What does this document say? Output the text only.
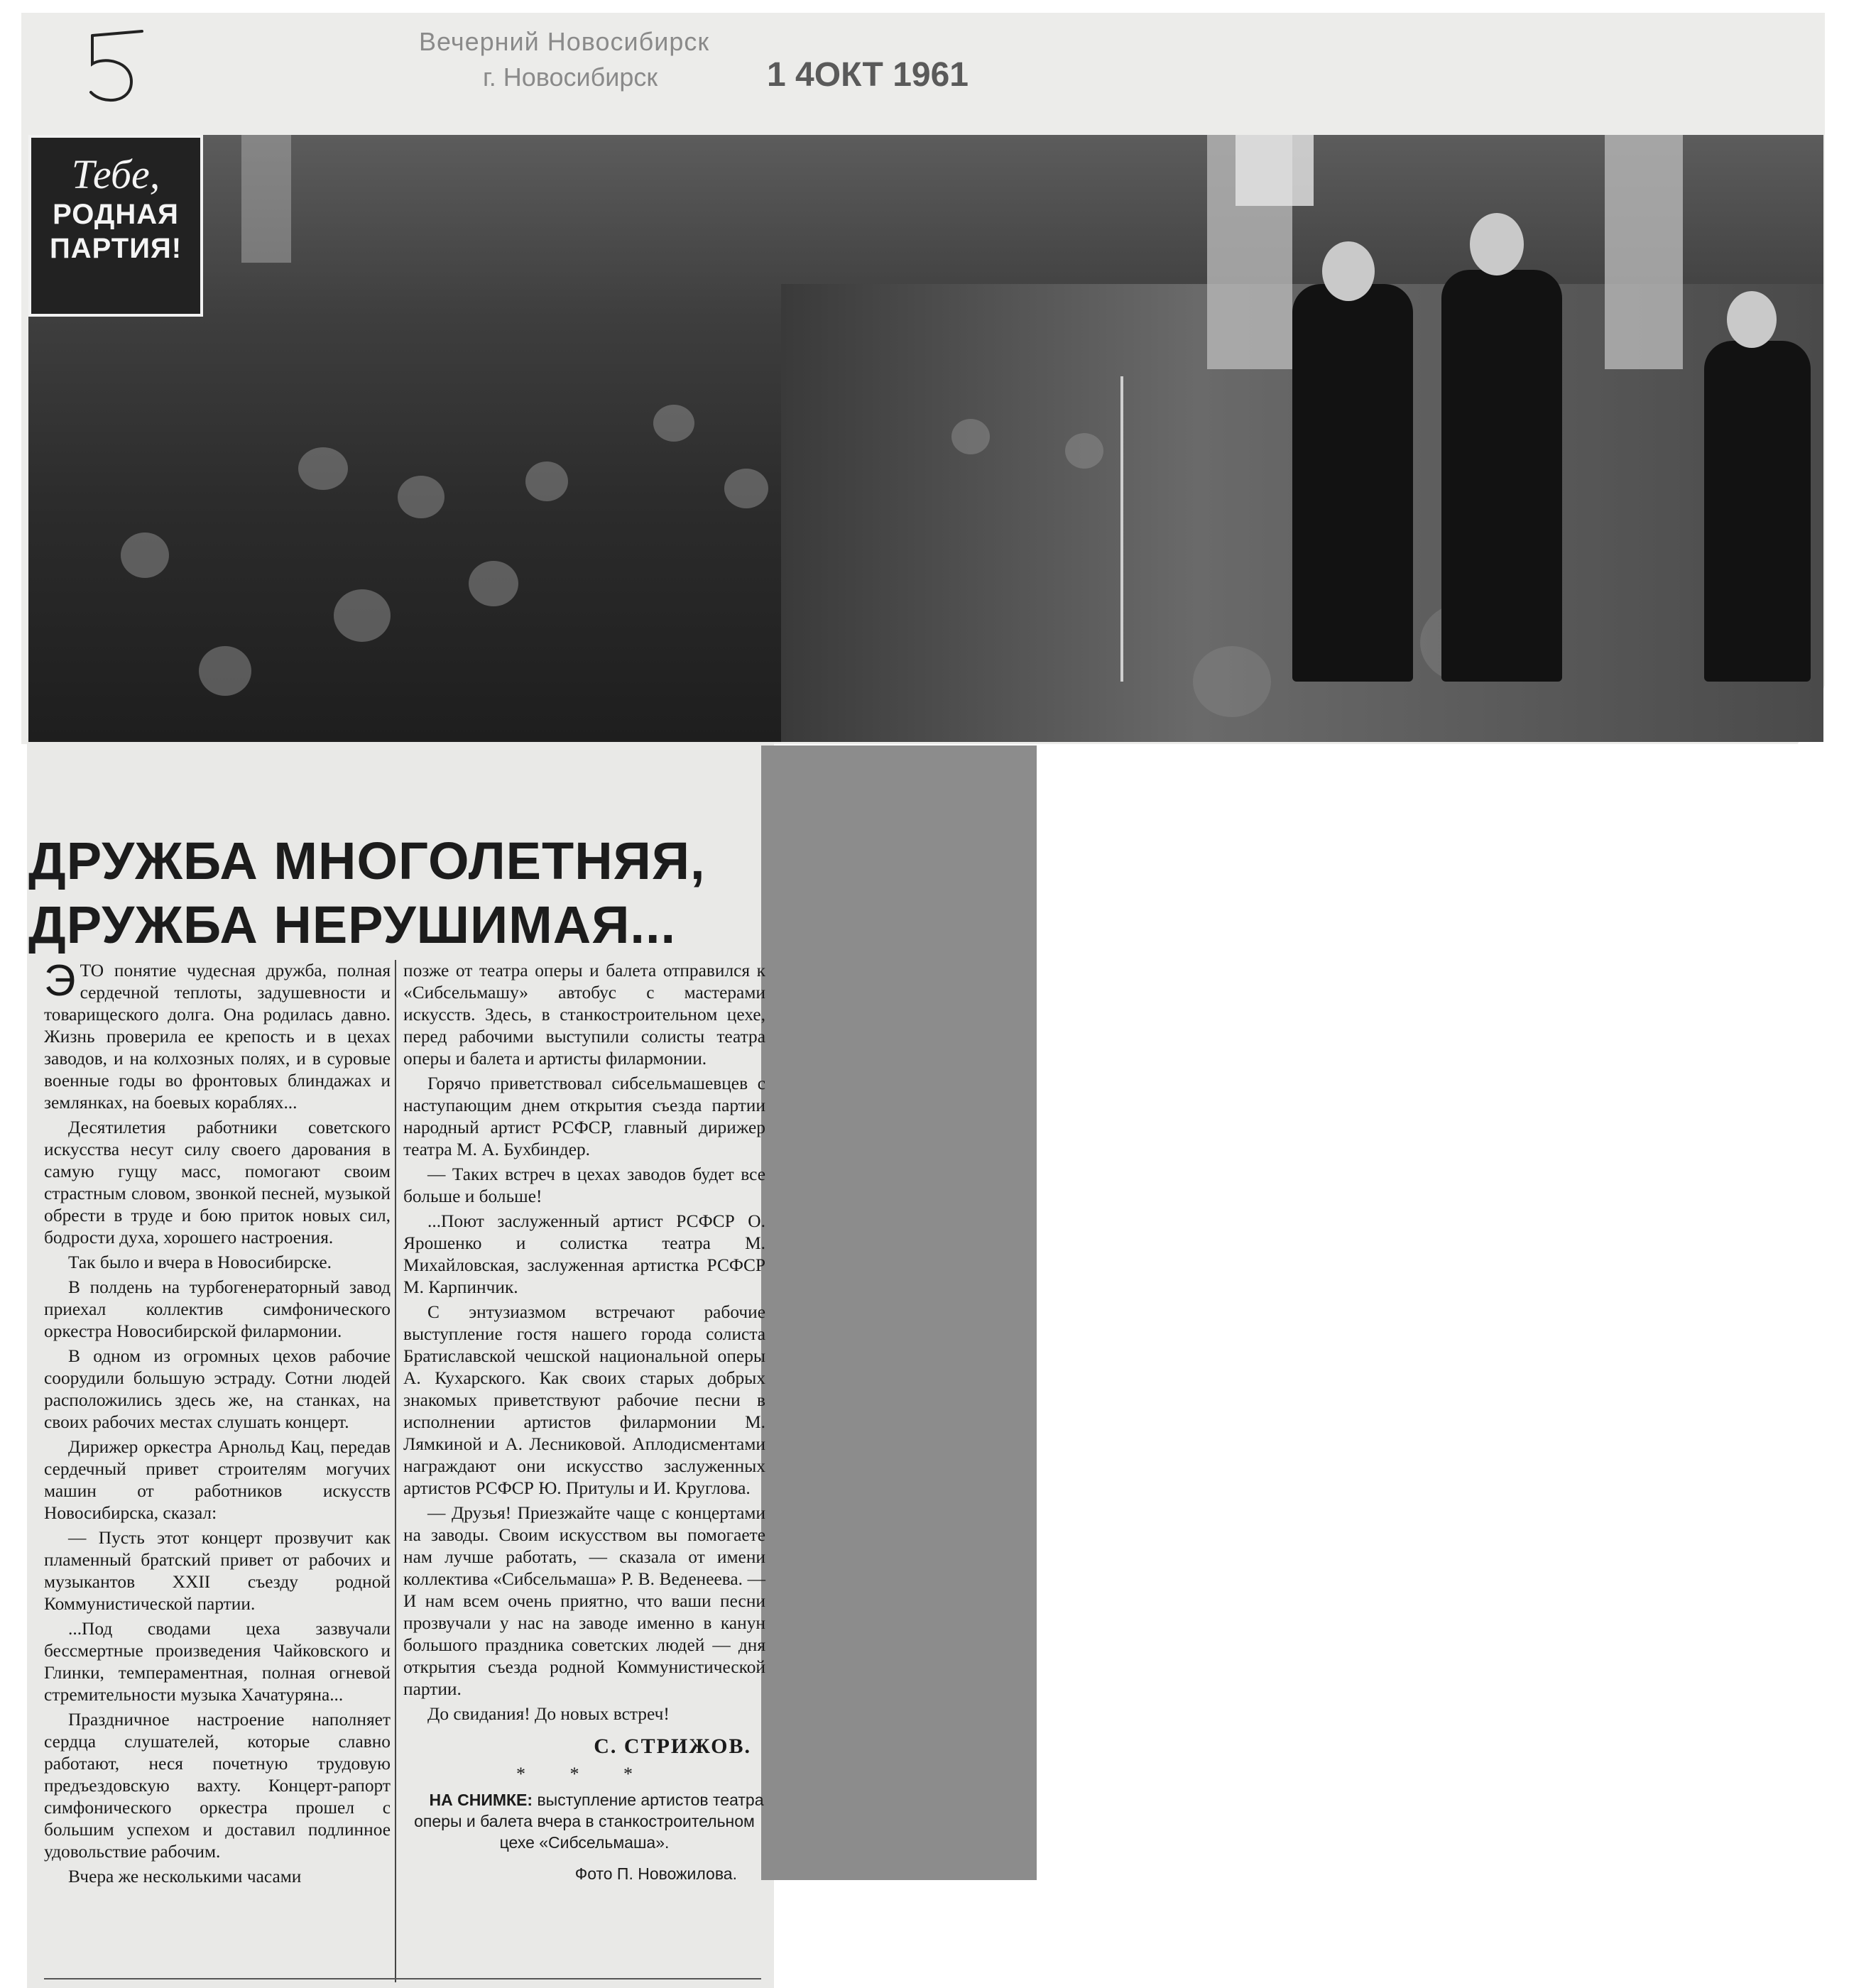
Вечерний Новосибирск
г. Новосибирск	1 4ОКТ 1961
Тебе,
РОДНАЯ
ПАРТИЯ!
ДРУЖБА МНОГОЛЕТНЯЯ,
ДРУЖБА НЕРУШИМАЯ...

ЭТО понятие чудесная дружба, полная сердечной теплоты, задушевности и товарищеского долга. Она родилась давно. Жизнь проверила ее крепость и в цехах заводов, и на колхозных полях, и в суровые военные годы во фронтовых блиндажах и землянках, на боевых кораблях...

Десятилетия работники советского искусства несут силу своего дарования в самую гущу масс, помогают своим страстным словом, звонкой песней, музыкой обрести в труде и бою приток новых сил, бодрости духа, хорошего настроения.

Так было и вчера в Новосибирске.

В полдень на турбогенераторный завод приехал коллектив симфонического оркестра Новосибирской филармонии.

В одном из огромных цехов рабочие соорудили большую эстраду. Сотни людей расположились здесь же, на станках, на своих рабочих местах слушать концерт.

Дирижер оркестра Арнольд Кац, передав сердечный привет строителям могучих машин от работников искусств Новосибирска, сказал:

— Пусть этот концерт прозвучит как пламенный братский привет от рабочих и музыкантов XXII съезду родной Коммунистической партии.

...Под сводами цеха зазвучали бессмертные произведения Чайковского и Глинки, темпераментная, полная огневой стремительности музыка Хачатуряна...

Праздничное настроение наполняет сердца слушателей, которые славно работают, неся почетную трудовую предъездовскую вахту. Концерт-рапорт симфонического оркестра прошел с большим успехом и доставил подлинное удовольствие рабочим.

Вчера же несколькими часами

позже от театра оперы и балета отправился к «Сибсельмашу» автобус с мастерами искусств. Здесь, в станкостроительном цехе, перед рабочими выступили солисты театра оперы и балета и артисты филармонии.

Горячо приветствовал сибсельмашевцев с наступающим днем открытия съезда партии народный артист РСФСР, главный дирижер театра М. А. Бухбиндер.

— Таких встреч в цехах заводов будет все больше и больше!

...Поют заслуженный артист РСФСР О. Ярошенко и солистка театра М. Михайловская, заслуженная артистка РСФСР М. Карпинчик.

С энтузиазмом встречают рабочие выступление гостя нашего города солиста Братиславской чешской национальной оперы А. Кухарского. Как своих старых добрых знакомых приветствуют рабочие песни в исполнении артистов филармонии М. Лямкиной и А. Лесниковой. Аплодисментами награждают они искусство заслуженных артистов РСФСР Ю. Притулы и И. Круглова.

— Друзья! Приезжайте чаще с концертами на заводы. Своим искусством вы помогаете нам лучше работать, — сказала от имени коллектива «Сибсельмаша» Р. В. Веденеева. — И нам всем очень приятно, что ваши песни прозвучали у нас на заводе именно в канун большого праздника советских людей — дня открытия съезда родной Коммунистической партии.

До свидания! До новых встреч!

С. СТРИЖОВ.
* * *

НА СНИМКЕ: выступление артистов театра оперы и балета вчера в станкостроительном цехе «Сибсельмаша».

Фото П. Новожилова.
